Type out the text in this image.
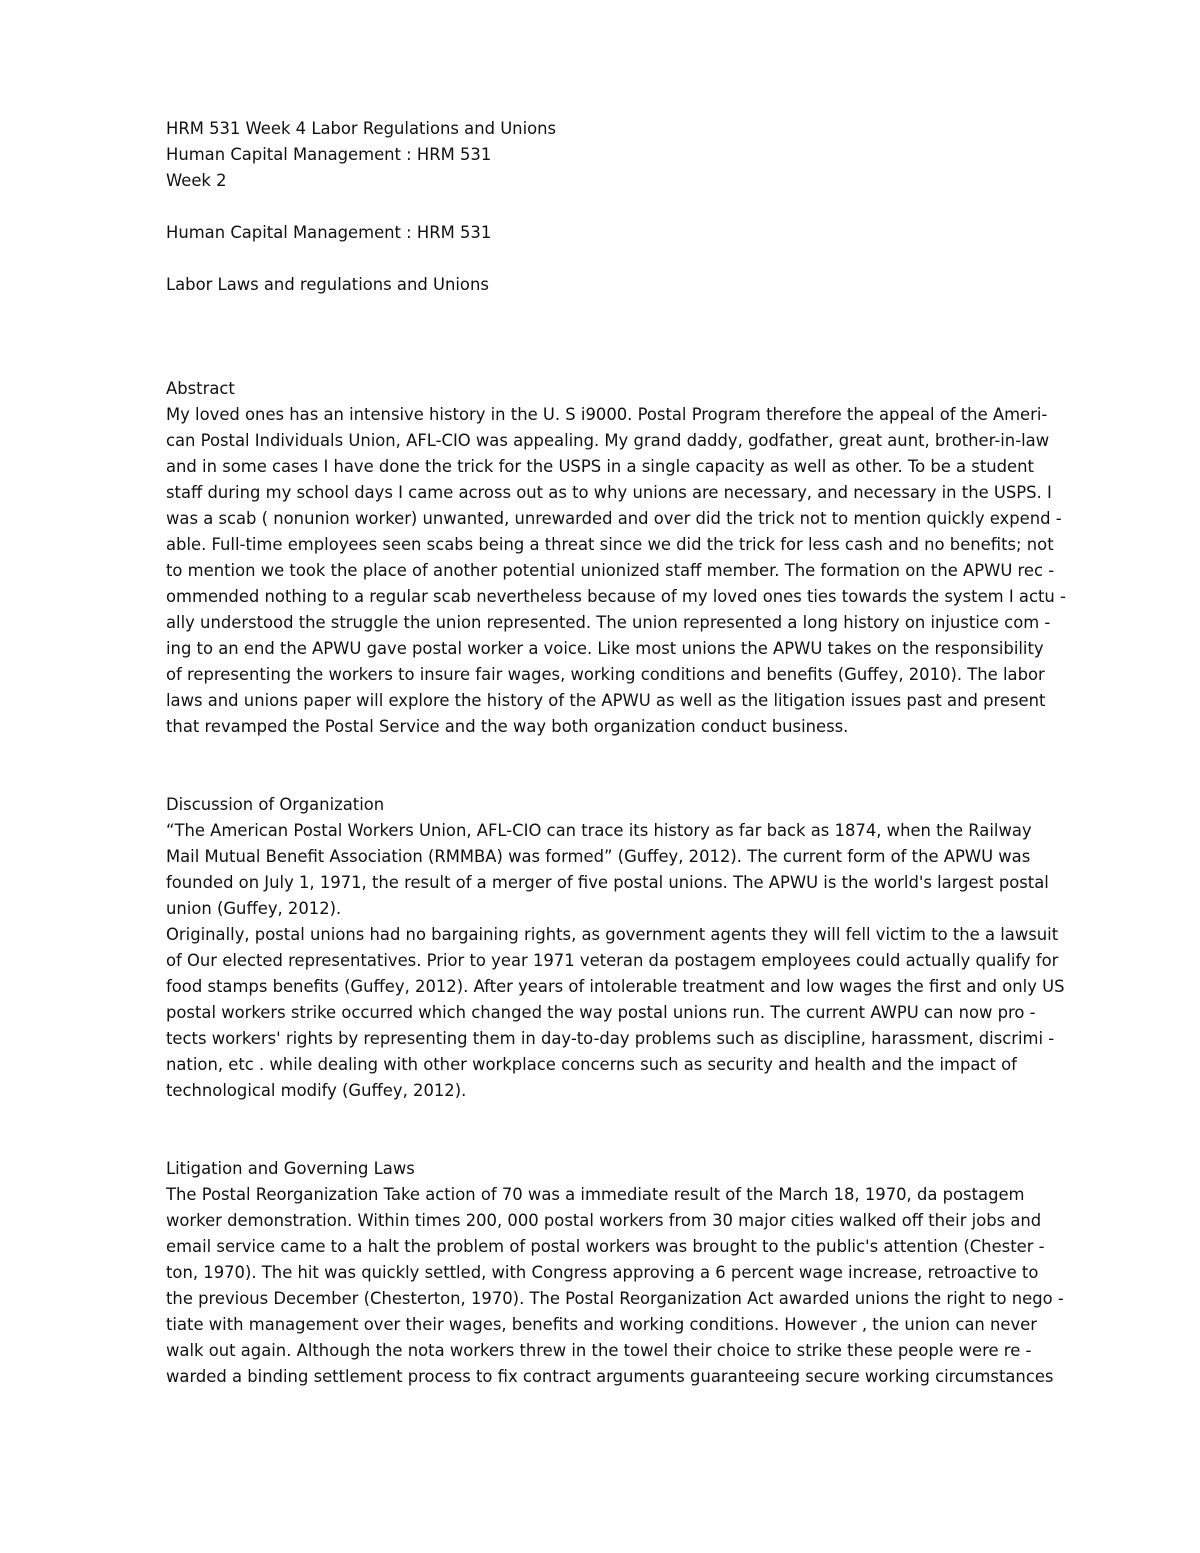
HRM 531 Week 4 Labor Regulations and Unions
Human Capital Management : HRM 531
Week 2
Human Capital Management : HRM 531
Labor Laws and regulations and Unions
Abstract
My loved ones has an intensive history in the U. S i9000. Postal Program therefore the appeal of the Ameri-
can Postal Individuals Union, AFL-CIO was appealing. My grand daddy, godfather, great aunt, brother-in-law
and in some cases I have done the trick for the USPS in a single capacity as well as other. To be a student
staff during my school days I came across out as to why unions are necessary, and necessary in the USPS. I
was a scab ( nonunion worker) unwanted, unrewarded and over did the trick not to mention quickly expend -
able. Full-time employees seen scabs being a threat since we did the trick for less cash and no benefits; not
to mention we took the place of another potential unionized staff member. The formation on the APWU rec -
ommended nothing to a regular scab nevertheless because of my loved ones ties towards the system I actu -
ally understood the struggle the union represented. The union represented a long history on injustice com -
ing to an end the APWU gave postal worker a voice. Like most unions the APWU takes on the responsibility
of representing the workers to insure fair wages, working conditions and benefits (Guffey, 2010). The labor
laws and unions paper will explore the history of the APWU as well as the litigation issues past and present
that revamped the Postal Service and the way both organization conduct business.
Discussion of Organization
“The American Postal Workers Union, AFL-CIO can trace its history as far back as 1874, when the Railway
Mail Mutual Benefit Association (RMMBA) was formed” (Guffey, 2012). The current form of the APWU was
founded on July 1, 1971, the result of a merger of five postal unions. The APWU is the world's largest postal
union (Guffey, 2012).
Originally, postal unions had no bargaining rights, as government agents they will fell victim to the a lawsuit
of Our elected representatives. Prior to year 1971 veteran da postagem employees could actually qualify for
food stamps benefits (Guffey, 2012). After years of intolerable treatment and low wages the first and only US
postal workers strike occurred which changed the way postal unions run. The current AWPU can now pro -
tects workers' rights by representing them in day-to-day problems such as discipline, harassment, discrimi -
nation, etc . while dealing with other workplace concerns such as security and health and the impact of
technological modify (Guffey, 2012).
Litigation and Governing Laws
The Postal Reorganization Take action of 70 was a immediate result of the March 18, 1970, da postagem
worker demonstration. Within times 200, 000 postal workers from 30 major cities walked off their jobs and
email service came to a halt the problem of postal workers was brought to the public's attention (Chester -
ton, 1970). The hit was quickly settled, with Congress approving a 6 percent wage increase, retroactive to
the previous December (Chesterton, 1970). The Postal Reorganization Act awarded unions the right to nego -
tiate with management over their wages, benefits and working conditions. However , the union can never
walk out again. Although the nota workers threw in the towel their choice to strike these people were re -
warded a binding settlement process to fix contract arguments guaranteeing secure working circumstances
